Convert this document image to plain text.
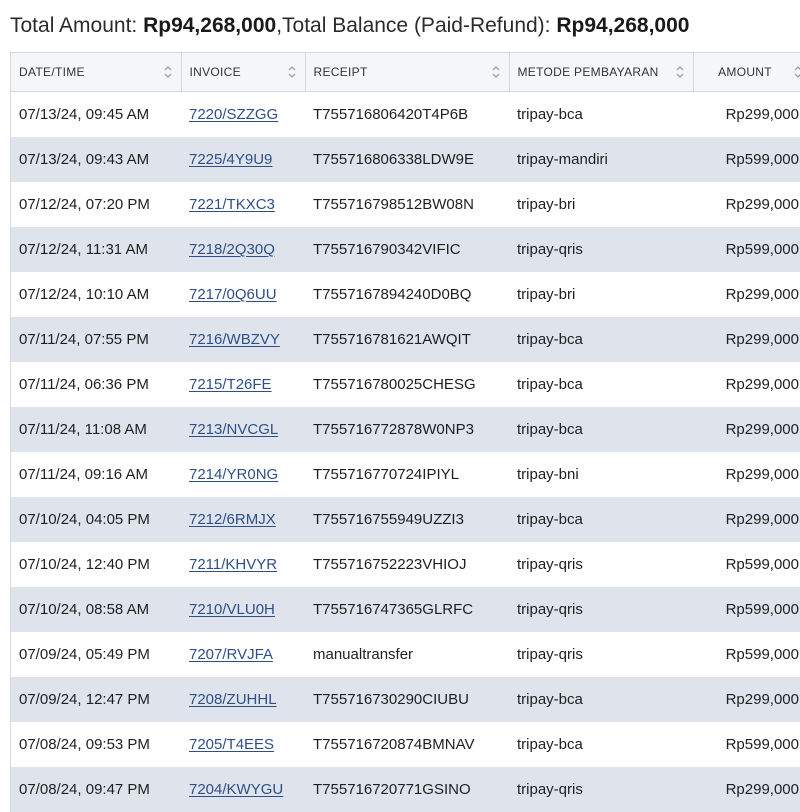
Total Amount: Rp94,268,000,Total Balance (Paid-Refund): Rp94,268,000
DATE/TIME	INVOICE	RECEIPT	METODE PEMBAYARAN	AMOUNT

07/13/24, 09:45 AM	7220/SZZGG	T755716806420T4P6B	tripay-bca	Rp299,000
07/13/24, 09:43 AM	7225/4Y9U9	T755716806338LDW9E	tripay-mandiri	Rp599,000
07/12/24, 07:20 PM	7221/TKXC3	T755716798512BW08N	tripay-bri	Rp299,000
07/12/24, 11:31 AM	7218/2Q30Q	T755716790342VIFIC	tripay-qris	Rp599,000
07/12/24, 10:10 AM	7217/0Q6UU	T7557167894240D0BQ	tripay-bri	Rp299,000
07/11/24, 07:55 PM	7216/WBZVY	T755716781621AWQIT	tripay-bca	Rp299,000
07/11/24, 06:36 PM	7215/T26FE	T755716780025CHESG	tripay-bca	Rp299,000
07/11/24, 11:08 AM	7213/NVCGL	T755716772878W0NP3	tripay-bca	Rp299,000
07/11/24, 09:16 AM	7214/YR0NG	T755716770724IPIYL	tripay-bni	Rp299,000
07/10/24, 04:05 PM	7212/6RMJX	T755716755949UZZI3	tripay-bca	Rp299,000
07/10/24, 12:40 PM	7211/KHVYR	T755716752223VHIOJ	tripay-qris	Rp599,000
07/10/24, 08:58 AM	7210/VLU0H	T755716747365GLRFC	tripay-qris	Rp599,000
07/09/24, 05:49 PM	7207/RVJFA	manualtransfer	tripay-qris	Rp599,000
07/09/24, 12:47 PM	7208/ZUHHL	T755716730290CIUBU	tripay-bca	Rp299,000
07/08/24, 09:53 PM	7205/T4EES	T755716720874BMNAV	tripay-bca	Rp599,000
07/08/24, 09:47 PM	7204/KWYGU	T755716720771GSINO	tripay-qris	Rp299,000
